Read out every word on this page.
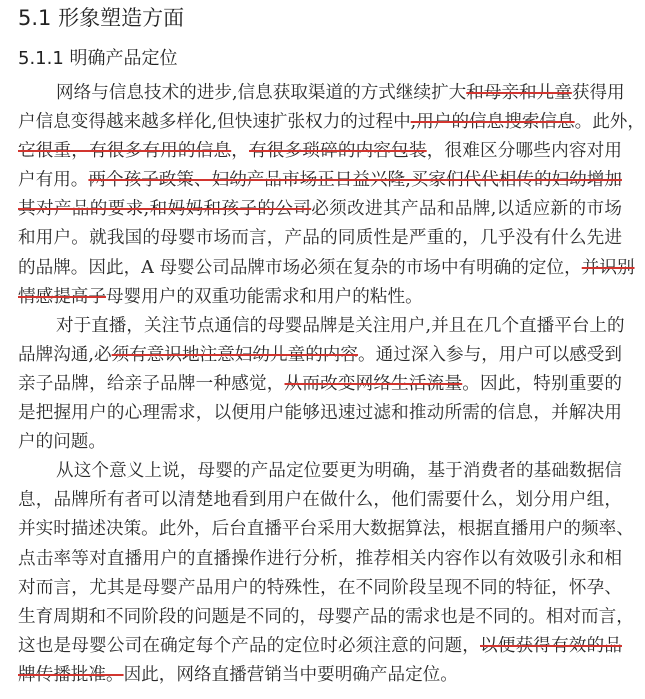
5.1 形象塑造方面
5.1.1 明确产品定位
网络与信息技术的进步,信息获取渠道的方式继续扩大和母亲和儿童获得用
户信息变得越来越多样化,但快速扩张权力的过程中,用户的信息搜索信息。此外，
它很重，有很多有用的信息，有很多琐碎的内容包装，很难区分哪些内容对用
户有用。两个孩子政策、妇幼产品市场正日益兴隆,买家们代代相传的妇幼增加
其对产品的要求,和妈妈和孩子的公司必须改进其产品和品牌,以适应新的市场
和用户。就我国的母婴市场而言，产品的同质性是严重的，几乎没有什么先进
的品牌。因此，A 母婴公司品牌市场必须在复杂的市场中有明确的定位，并识别
情感提高子母婴用户的双重功能需求和用户的粘性。
对于直播，关注节点通信的母婴品牌是关注用户,并且在几个直播平台上的
品牌沟通,必须有意识地注意妇幼儿童的内容。通过深入参与，用户可以感受到
亲子品牌，给亲子品牌一种感觉，从而改变网络生活流量。因此，特别重要的
是把握用户的心理需求，以便用户能够迅速过滤和推动所需的信息，并解决用
户的问题。
从这个意义上说，母婴的产品定位要更为明确，基于消费者的基础数据信
息，品牌所有者可以清楚地看到用户在做什么，他们需要什么，划分用户组，
并实时描述决策。此外，后台直播平台采用大数据算法，根据直播用户的频率、
点击率等对直播用户的直播操作进行分析，推荐相关内容作以有效吸引永和相
对而言，尤其是母婴产品用户的特殊性，在不同阶段呈现不同的特征，怀孕、
生育周期和不同阶段的问题是不同的，母婴产品的需求也是不同的。相对而言，
这也是母婴公司在确定每个产品的定位时必须注意的问题，以便获得有效的品
牌传播批准。因此，网络直播营销当中要明确产品定位。
